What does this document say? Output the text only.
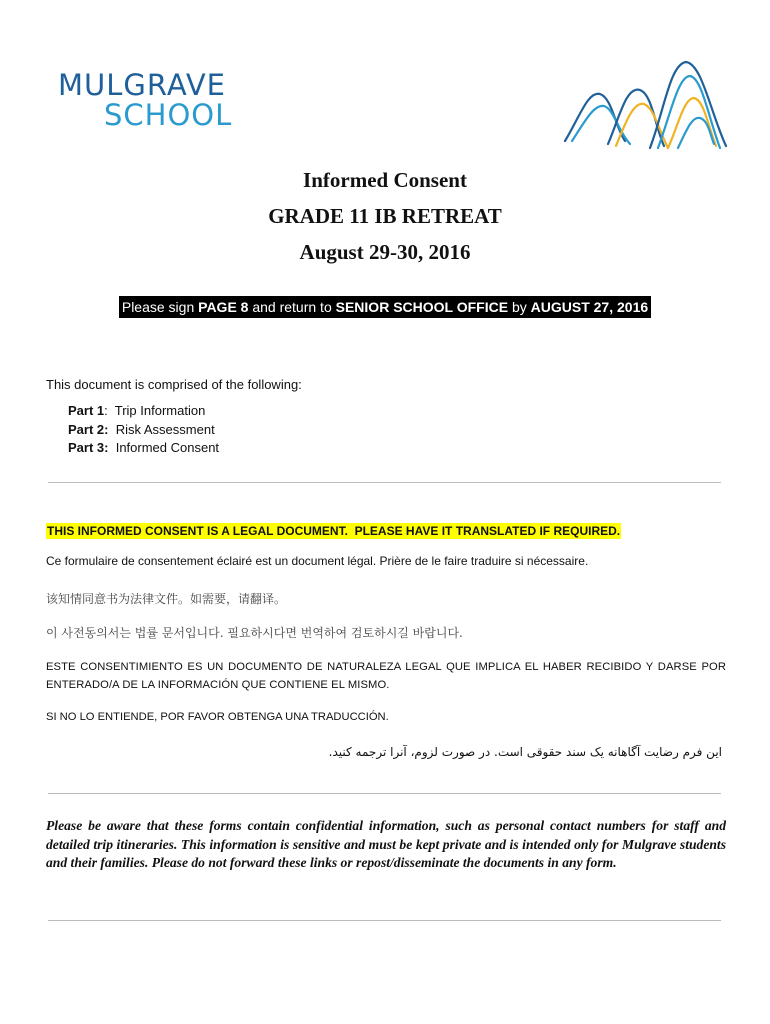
MULGRAVE
SCHOOL
Informed Consent
GRADE 11 IB RETREAT
August 29-30, 2016
Please sign PAGE 8 and return to SENIOR SCHOOL OFFICE by AUGUST 27, 2016
This document is comprised of the following:
Part 1:  Trip Information
Part 2: Risk Assessment
Part 3: Informed Consent
THIS INFORMED CONSENT IS A LEGAL DOCUMENT.  PLEASE HAVE IT TRANSLATED IF REQUIRED.
Ce formulaire de consentement éclairé est un document légal. Prière de le faire traduire si nécessaire.
该知情同意书为法律文件。如需要，请翻译。
이 사전동의서는 법률 문서입니다. 필요하시다면 번역하여 검토하시길 바랍니다.
ESTE CONSENTIMIENTO ES UN DOCUMENTO DE NATURALEZA LEGAL QUE IMPLICA EL HABER RECIBIDO Y DARSE POR ENTERADO/A DE LA INFORMACIÓN QUE CONTIENE EL MISMO.
SI NO LO ENTIENDE, POR FAVOR OBTENGA UNA TRADUCCIÓN.
این فرم رضایت آگاهانه یک سند حقوقی است. در صورت لزوم، آنرا ترجمه کنید.
Please be aware that these forms contain confidential information, such as personal contact numbers for staff and detailed trip itineraries. This information is sensitive and must be kept private and is intended only for Mulgrave students and their families. Please do not forward these links or repost/disseminate the documents in any form.
